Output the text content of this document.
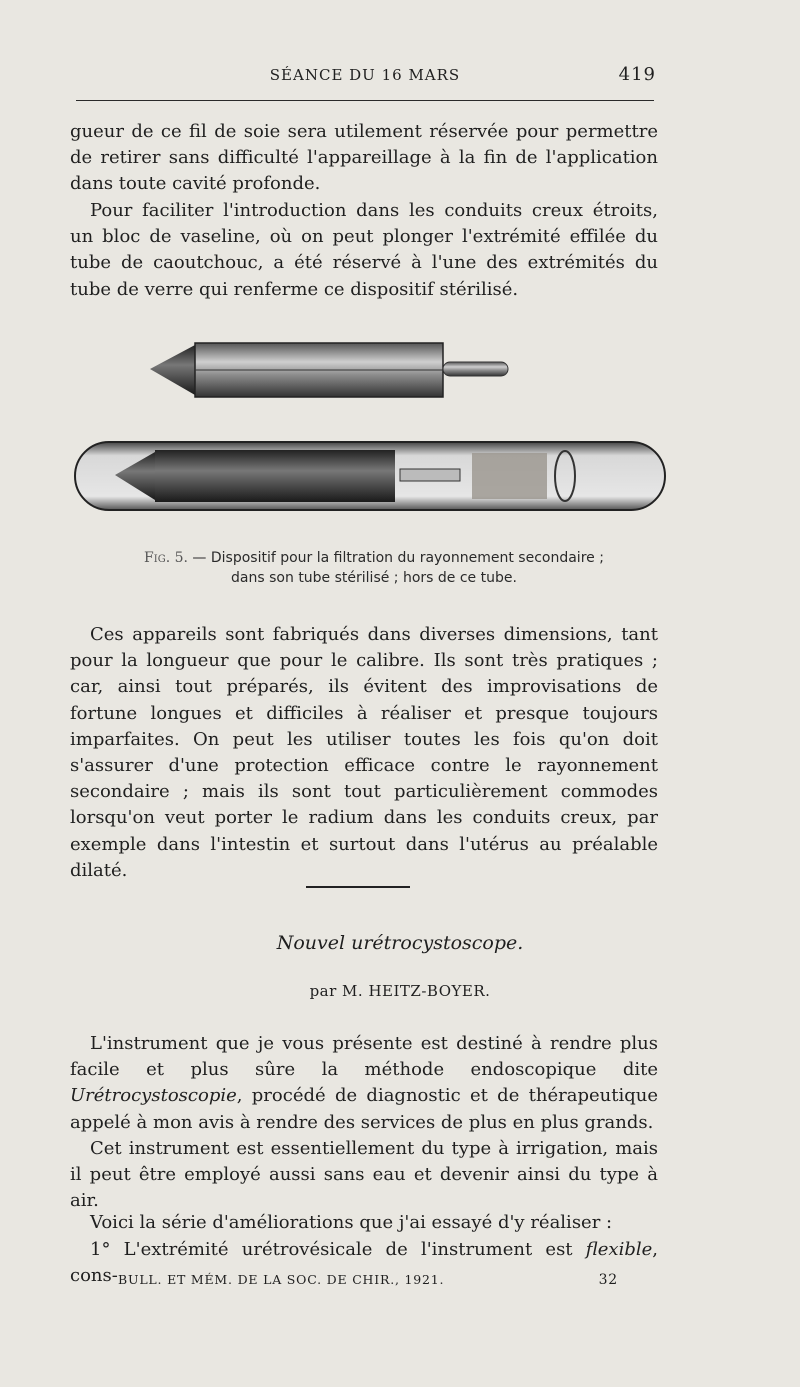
SÉANCE DU 16 MARS	419

gueur de ce fil de soie sera utilement réservée pour permettre de retirer sans difficulté l'appareillage à la fin de l'application dans toute cavité profonde.

Pour faciliter l'introduction dans les conduits creux étroits, un bloc de vaseline, où on peut plonger l'extrémité effilée du tube de caoutchouc, a été réservé à l'une des extrémités du tube de verre qui renferme ce dispositif stérilisé.

Fig. 5. — Dispositif pour la filtration du rayonnement secondaire ;
dans son tube stérilisé ; hors de ce tube.

Ces appareils sont fabriqués dans diverses dimensions, tant pour la longueur que pour le calibre. Ils sont très pratiques ; car, ainsi tout préparés, ils évitent des improvisations de fortune longues et difficiles à réaliser et presque toujours imparfaites. On peut les utiliser toutes les fois qu'on doit s'assurer d'une protection efficace contre le rayonnement secondaire ; mais ils sont tout particulièrement commodes lorsqu'on veut porter le radium dans les conduits creux, par exemple dans l'intestin et surtout dans l'utérus au préalable dilaté.

Nouvel urétrocystoscope.
par M. HEITZ-BOYER.

L'instrument que je vous présente est destiné à rendre plus facile et plus sûre la méthode endoscopique dite Urétrocystoscopie, procédé de diagnostic et de thérapeutique appelé à mon avis à rendre des services de plus en plus grands.

Cet instrument est essentiellement du type à irrigation, mais il peut être employé aussi sans eau et devenir ainsi du type à air.

Voici la série d'améliorations que j'ai essayé d'y réaliser :

1° L'extrémité urétrovésicale de l'instrument est flexible, cons- BULL. ET MÉM. DE LA SOC. DE CHIR., 1921.	32
